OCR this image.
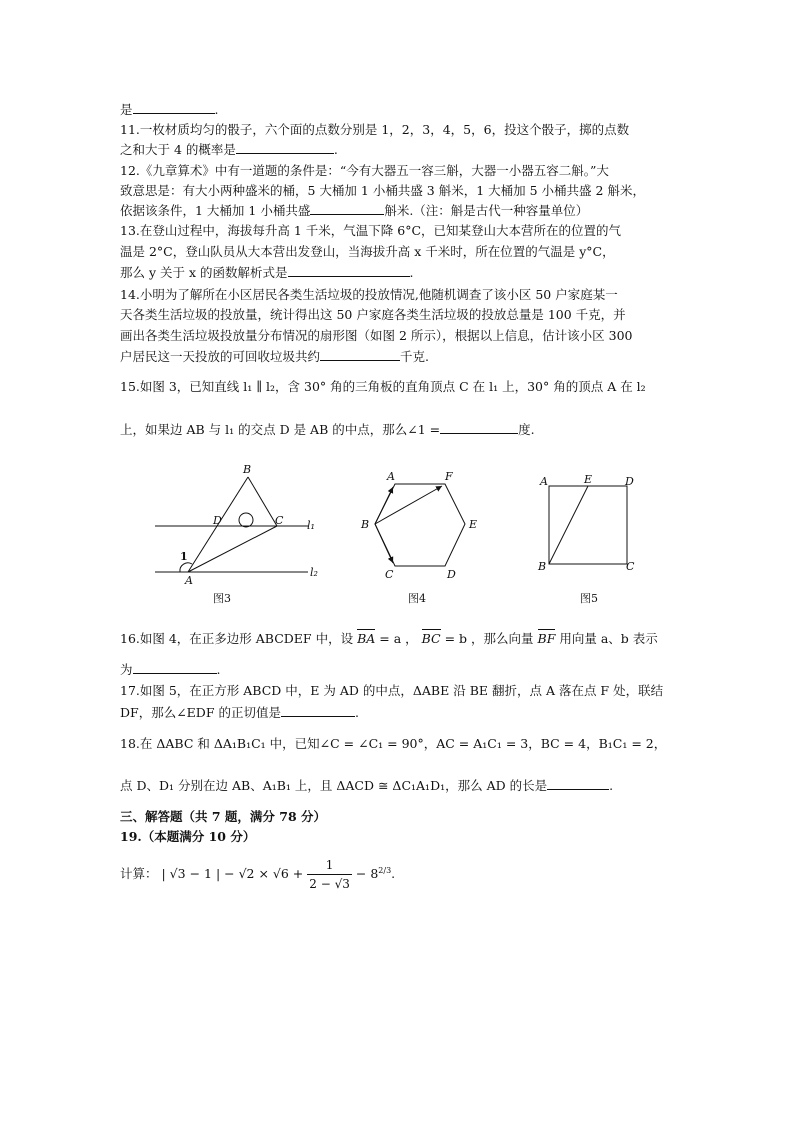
是	.
11.一枚材质均匀的骰子，六个面的点数分别是 1，2，3，4，5，6，投这个骰子，掷的点数
之和大于 4 的概率是	.
12.《九章算术》中有一道题的条件是：“今有大器五一容三斛，大器一小器五容二斛。”大
致意思是：有大小两种盛米的桶，5 大桶加 1 小桶共盛 3 斛米，1 大桶加 5 小桶共盛 2 斛米，
依据该条件，1 大桶加 1 小桶共盛	斛米.（注：斛是古代一种容量单位）
13.在登山过程中，海拔每升高 1 千米，气温下降 6°C，已知某登山大本营所在的位置的气
温是 2°C，登山队员从大本营出发登山，当海拔升高 x 千米时，所在位置的气温是 y°C，
那么 y 关于 x 的函数解析式是	.
14.小明为了解所在小区居民各类生活垃圾的投放情况,他随机调查了该小区 50 户家庭某一
天各类生活垃圾的投放量，统计得出这 50 户家庭各类生活垃圾的投放总量是 100 千克，并
画出各类生活垃圾投放量分布情况的扇形图（如图 2 所示），根据以上信息，估计该小区 300
户居民这一天投放的可回收垃圾共约	千克.
15.如图 3，已知直线 l₁ ∥ l₂，含 30° 角的三角板的直角顶点 C 在 l₁ 上，30° 角的顶点 A 在 l₂
上，如果边 AB 与 l₁ 的交点 D 是 AB 的中点，那么∠1 =	度.
16.如图 4，在正多边形 ABCDEF 中，设 BA = a ， BC = b ，那么向量 BF 用向量 a、b 表示
为	.
17.如图 5，在正方形 ABCD 中，E 为 AD 的中点，ΔABE 沿 BE 翻折，点 A 落在点 F 处，联结
DF，那么∠EDF 的正切值是	.
18.在 ΔABC 和 ΔA₁B₁C₁ 中，已知∠C = ∠C₁ = 90°，AC = A₁C₁ = 3，BC = 4，B₁C₁ = 2，
点 D、D₁ 分别在边 AB、A₁B₁ 上，且 ΔACD ≅ ΔC₁A₁D₁，那么 AD 的长是	.
三、解答题（共 7 题，满分 78 分）
19.（本题满分 10 分）
计算： | √3 − 1 | − $√2 \times √6 + \frac{1}{2 - √3} - 8^{2/3}$.
B
D	C l₁
l₂
A
1
图3
A	F
B	E
C	D
图4
A	E	D
B	C
图5
